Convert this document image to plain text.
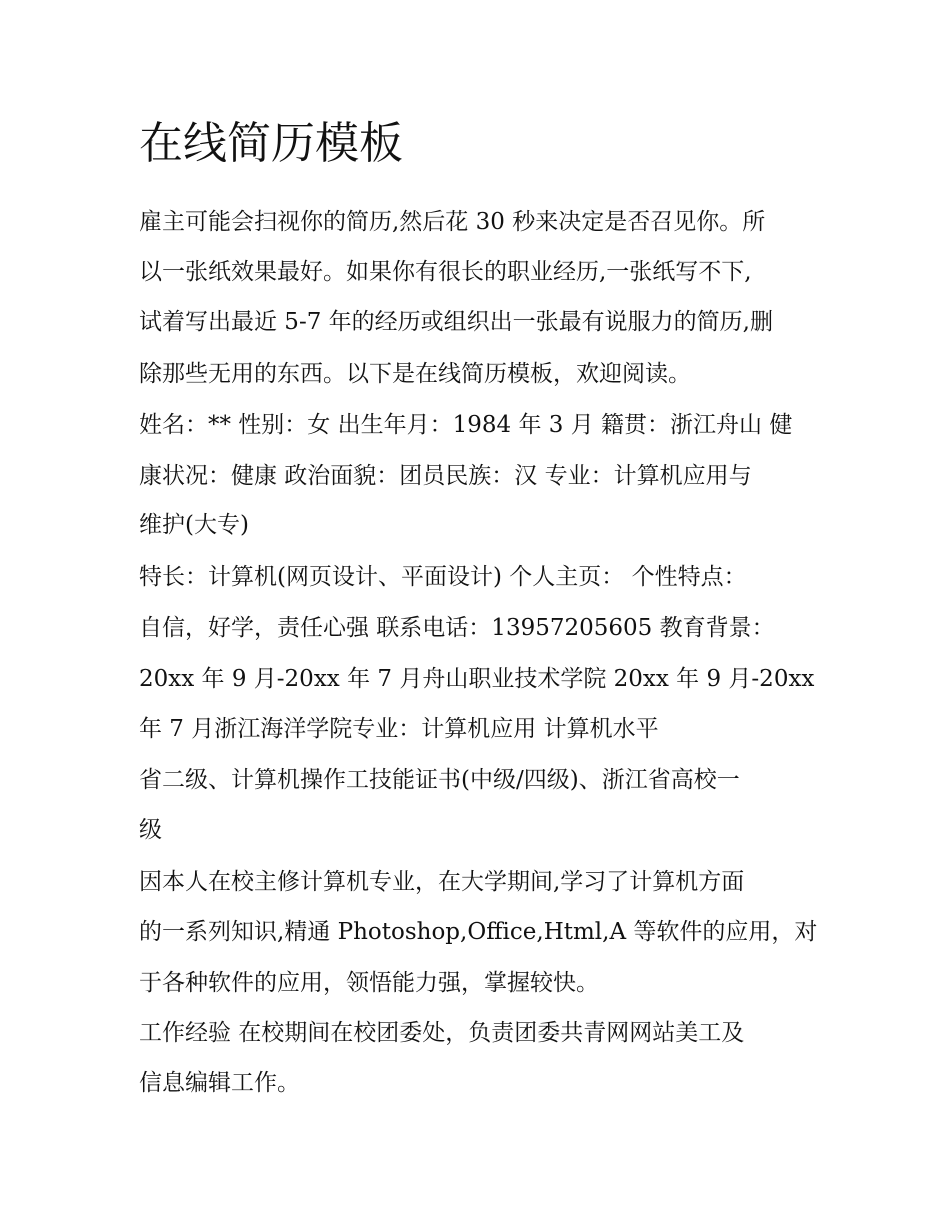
在线简历模板
雇主可能会扫视你的简历,然后花 30 秒来决定是否召见你。所
以一张纸效果最好。如果你有很长的职业经历,一张纸写不下,
试着写出最近 5-7 年的经历或组织出一张最有说服力的简历,删
除那些无用的东西。以下是在线简历模板，欢迎阅读。
姓名：** 性别：女 出生年月：1984 年 3 月 籍贯：浙江舟山 健
康状况：健康 政治面貌：团员民族：汉 专业：计算机应用与
维护(大专)
特长：计算机(网页设计、平面设计) 个人主页： 个性特点：
自信，好学，责任心强 联系电话：13957205605 教育背景：
20xx 年 9 月-20xx 年 7 月舟山职业技术学院 20xx 年 9 月-20xx
年 7 月浙江海洋学院专业：计算机应用 计算机水平
省二级、计算机操作工技能证书(中级/四级)、浙江省高校一
级
因本人在校主修计算机专业，在大学期间,学习了计算机方面
的一系列知识,精通 Photoshop,Office,Html,A 等软件的应用，对
于各种软件的应用，领悟能力强，掌握较快。
工作经验 在校期间在校团委处，负责团委共青网网站美工及
信息编辑工作。
